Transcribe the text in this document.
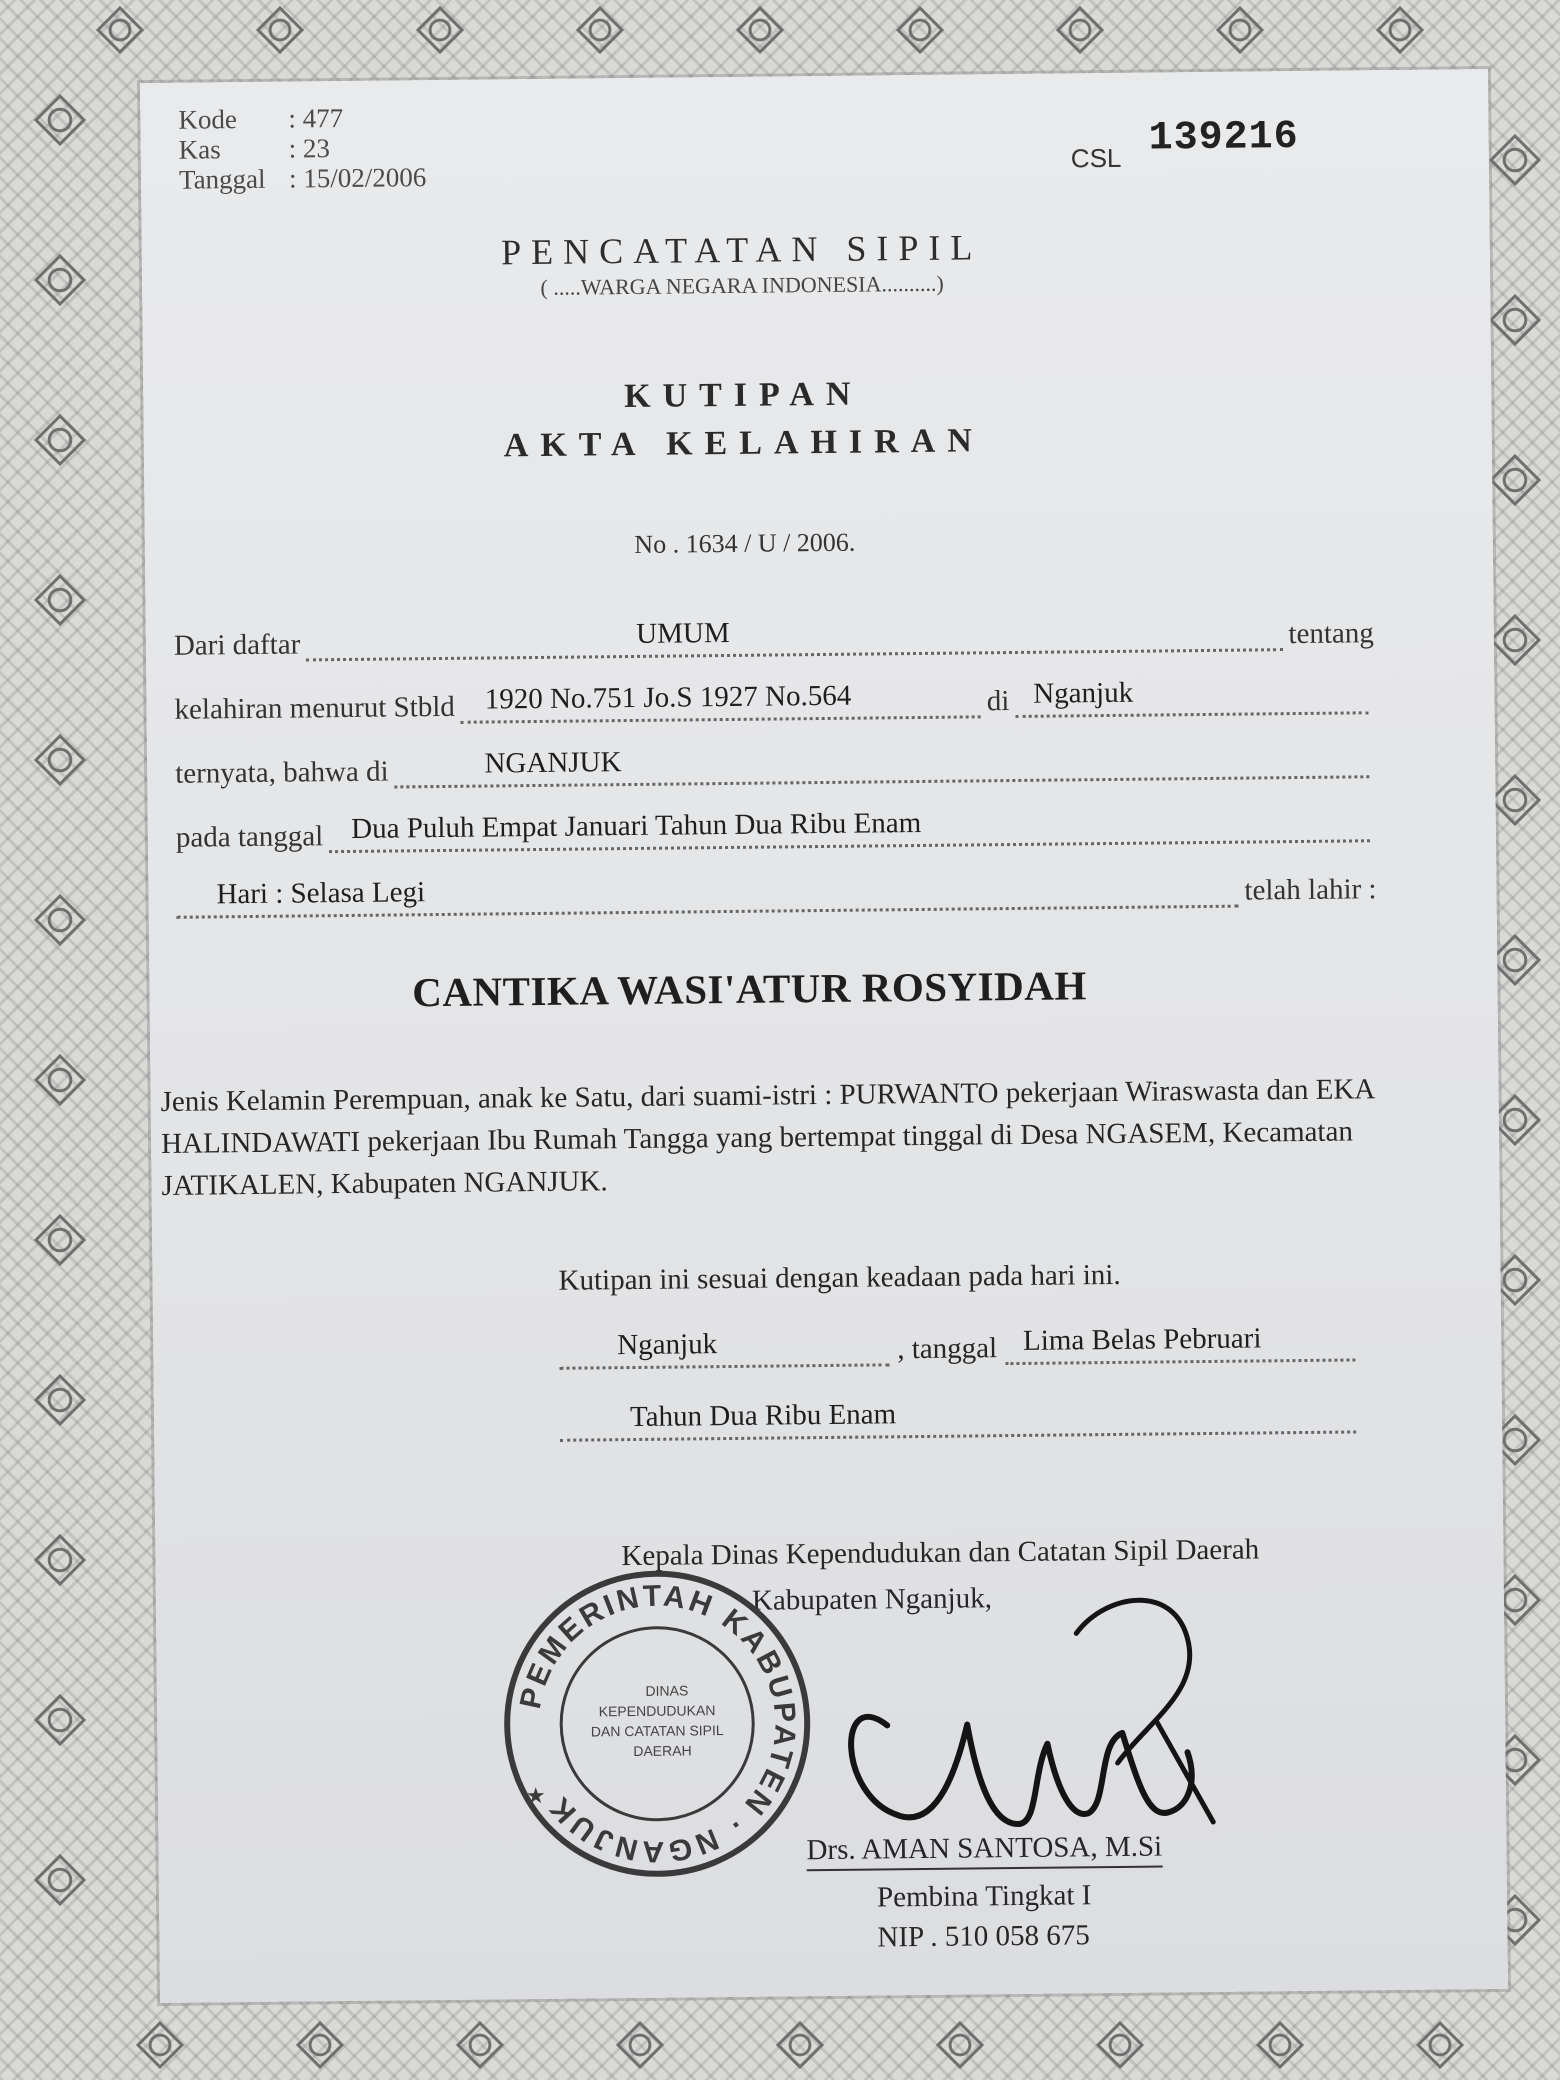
Kode : 477
Kas	: 23
Tanggal : 15/02/2006
CSL 139216
PENCATATAN SIPIL
( .....WARGA NEGARA INDONESIA..........)
KUTIPAN
AKTA KELAHIRAN
No . 1634 / U / 2006.
Dari daftar	UMUM	tentang
kelahiran menurut Stbld 1920 No.751 Jo.S 1927 No.564	di Nganjuk
ternyata, bahwa di	NGANJUK
pada tanggal Dua Puluh Empat Januari Tahun Dua Ribu Enam
Hari : Selasa Legi	telah lahir :
CANTIKA WASI'ATUR ROSYIDAH
Jenis Kelamin Perempuan, anak ke Satu, dari suami-istri : PURWANTO pekerjaan Wiraswasta dan EKA HALINDAWATI pekerjaan Ibu Rumah Tangga yang bertempat tinggal di Desa NGASEM, Kecamatan JATIKALEN, Kabupaten NGANJUK.
Kutipan ini sesuai dengan keadaan pada hari ini.
Nganjuk	, tanggal Lima Belas Pebruari
Tahun Dua Ribu Enam
Kepala Dinas Kependudukan dan Catatan Sipil Daerah
Kabupaten Nganjuk,
PEMERINTAH KABUPATEN · NGANJUK
DINAS
KEPENDUDUKAN
DAN CATATAN SIPIL
DAERAH
★
Drs. AMAN SANTOSA, M.Si
Pembina Tingkat I
NIP . 510 058 675
